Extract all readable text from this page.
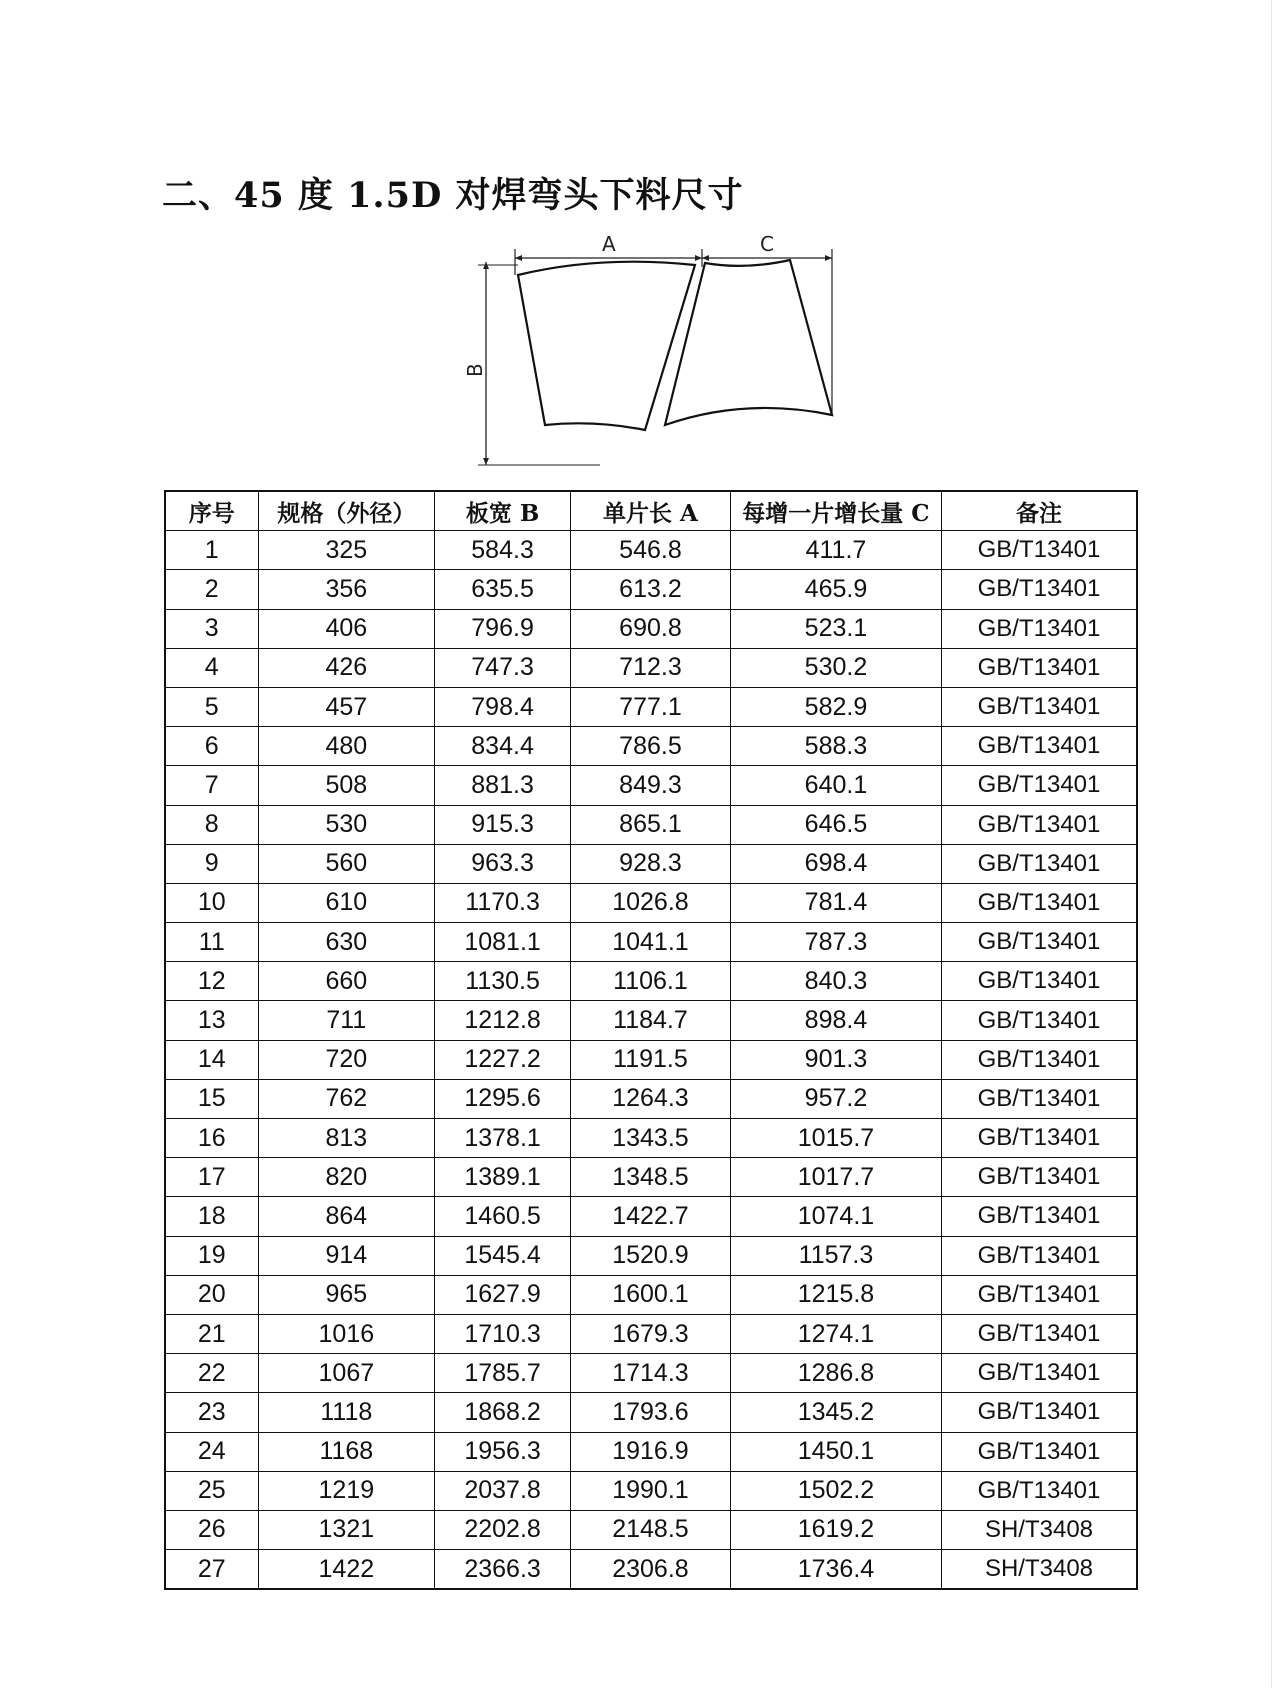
二、45 度 1.5D 对焊弯头下料尺寸
A	C
B
序号	规格（外径）	板宽 B	单片长 A	每增一片增长量 C	备注
1	325	584.3	546.8	411.7	GB/T13401
2	356	635.5	613.2	465.9	GB/T13401
3	406	796.9	690.8	523.1	GB/T13401
4	426	747.3	712.3	530.2	GB/T13401
5	457	798.4	777.1	582.9	GB/T13401
6	480	834.4	786.5	588.3	GB/T13401
7	508	881.3	849.3	640.1	GB/T13401
8	530	915.3	865.1	646.5	GB/T13401
9	560	963.3	928.3	698.4	GB/T13401
10	610	1170.3	1026.8	781.4	GB/T13401
11	630	1081.1	1041.1	787.3	GB/T13401
12	660	1130.5	1106.1	840.3	GB/T13401
13	711	1212.8	1184.7	898.4	GB/T13401
14	720	1227.2	1191.5	901.3	GB/T13401
15	762	1295.6	1264.3	957.2	GB/T13401
16	813	1378.1	1343.5	1015.7	GB/T13401
17	820	1389.1	1348.5	1017.7	GB/T13401
18	864	1460.5	1422.7	1074.1	GB/T13401
19	914	1545.4	1520.9	1157.3	GB/T13401
20	965	1627.9	1600.1	1215.8	GB/T13401
21	1016	1710.3	1679.3	1274.1	GB/T13401
22	1067	1785.7	1714.3	1286.8	GB/T13401
23	1118	1868.2	1793.6	1345.2	GB/T13401
24	1168	1956.3	1916.9	1450.1	GB/T13401
25	1219	2037.8	1990.1	1502.2	GB/T13401
26	1321	2202.8	2148.5	1619.2	SH/T3408
27	1422	2366.3	2306.8	1736.4	SH/T3408
